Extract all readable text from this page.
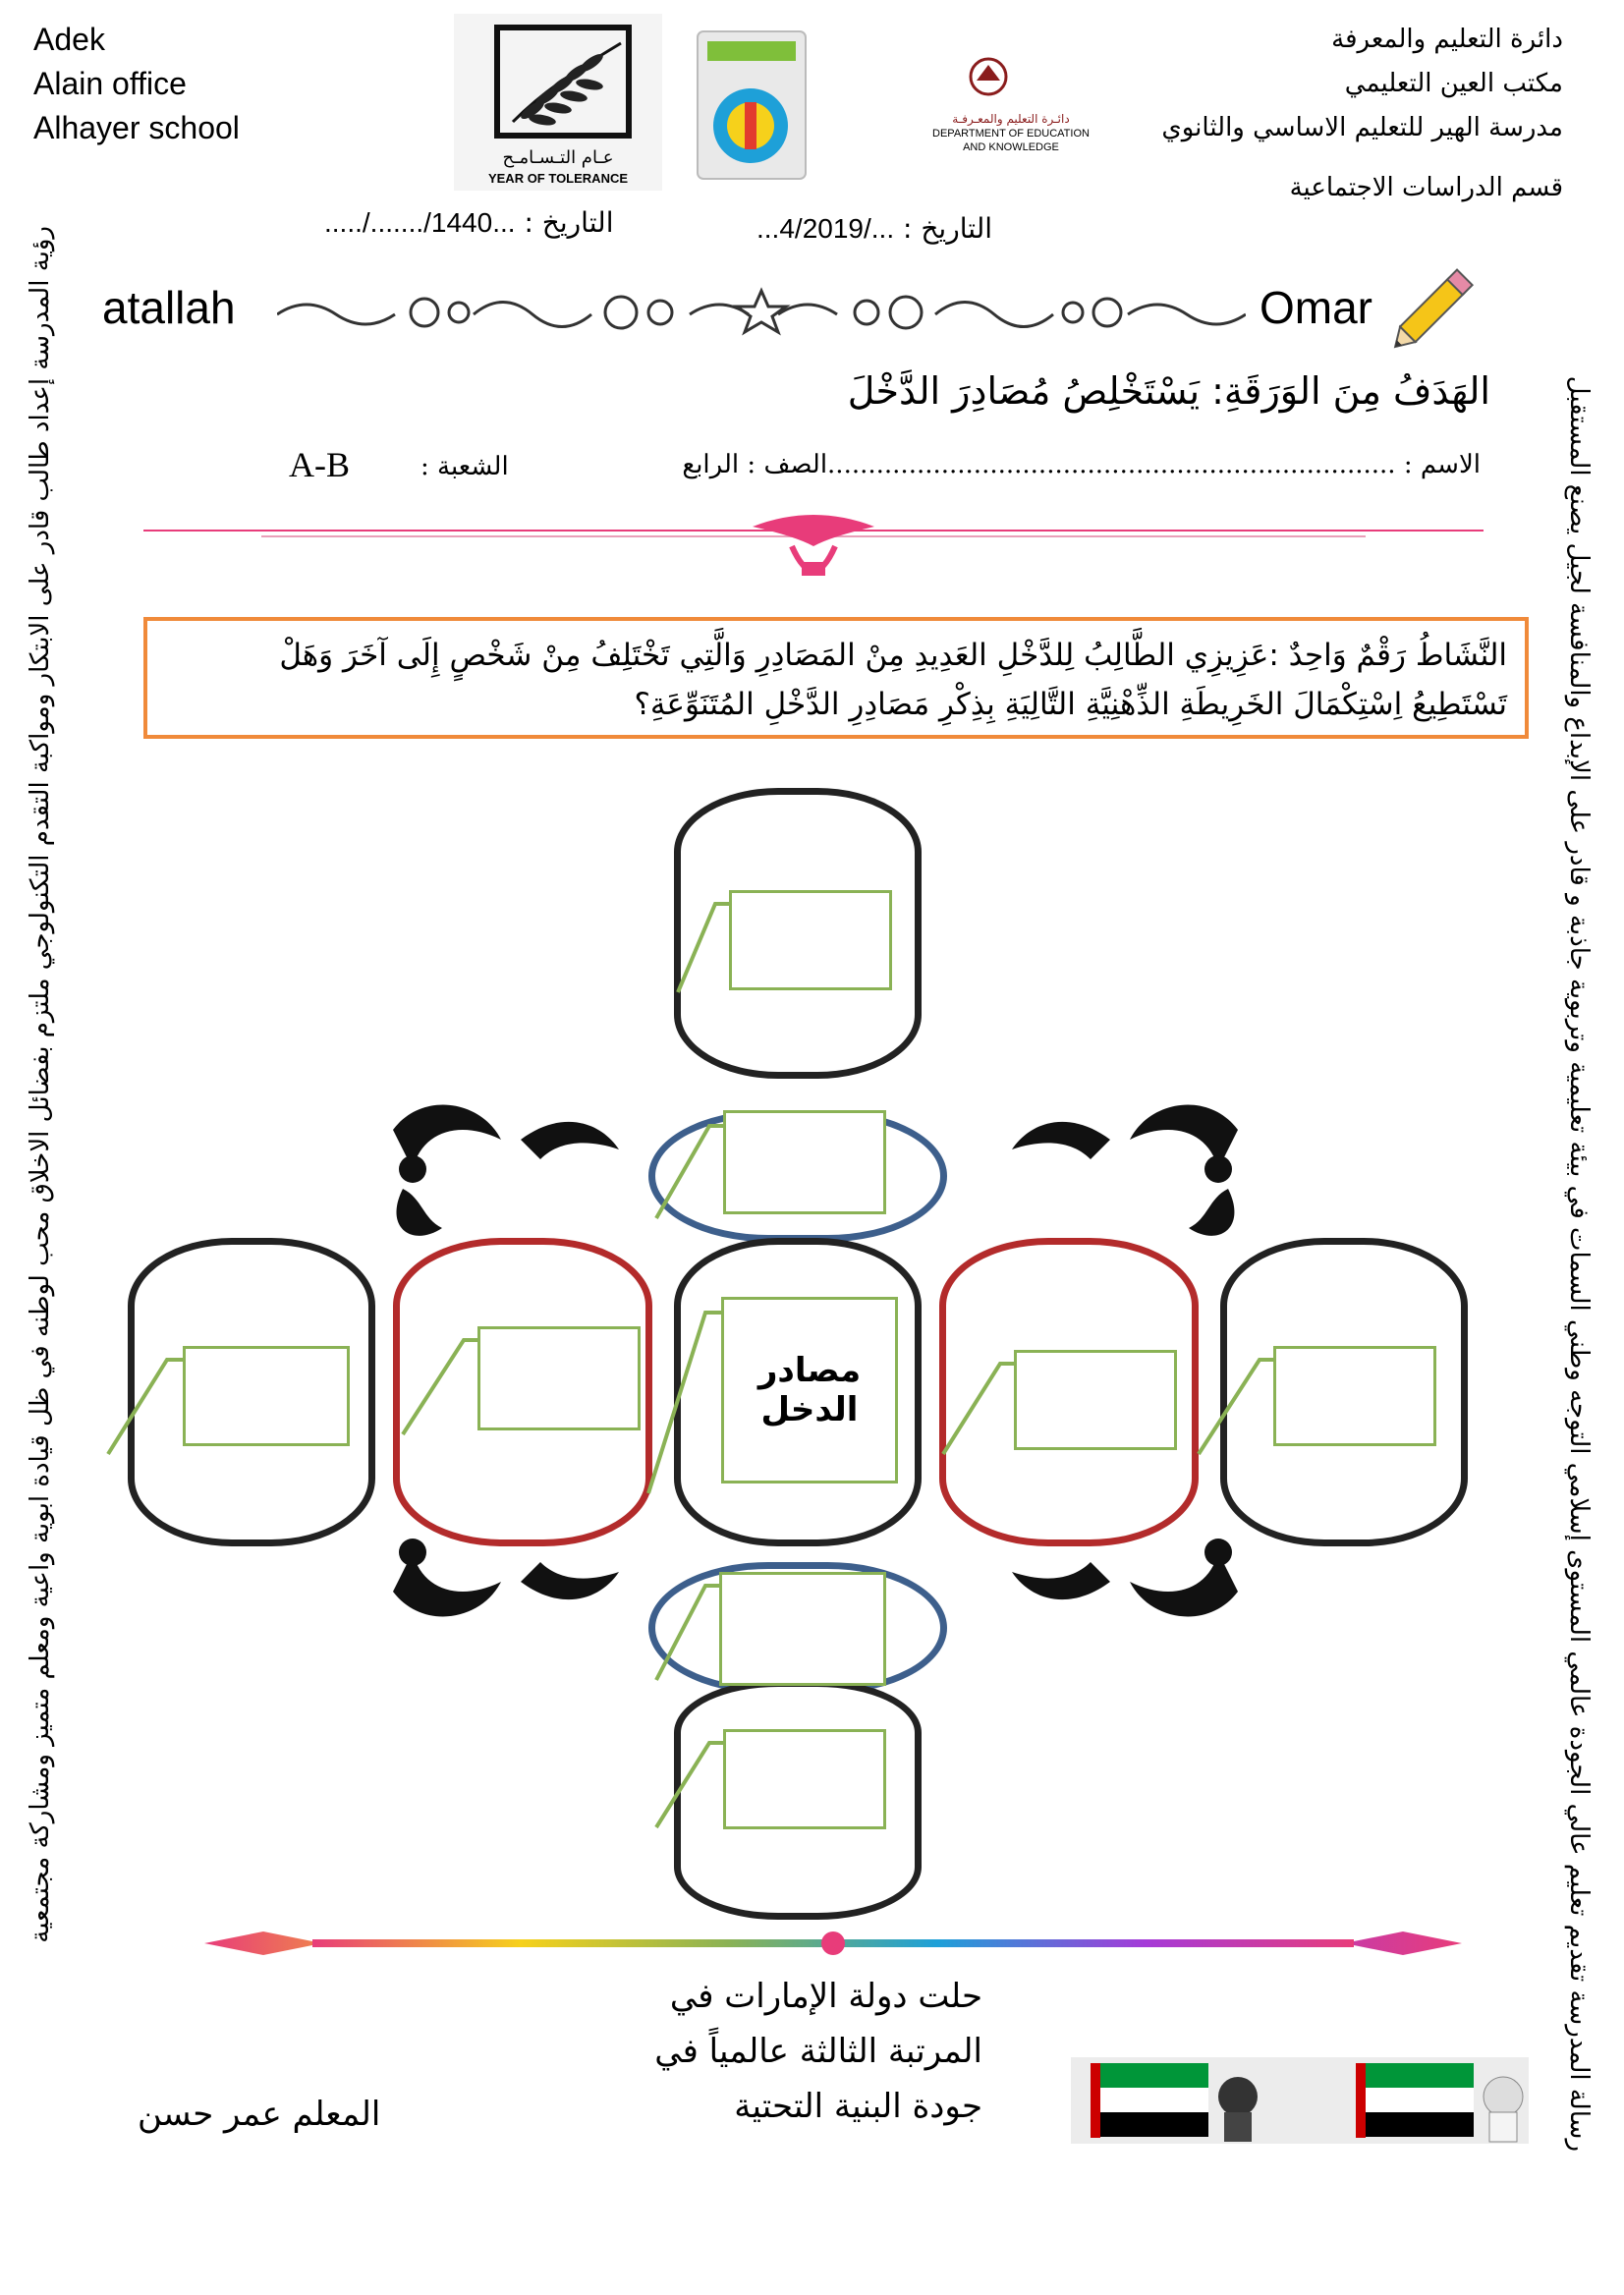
Adek
Alain office
Alhayer school
عـام التـسـامـح
YEAR OF TOLERANCE
دائـرة التعليم والمعـرفـة
DEPARTMENT OF EDUCATION
AND KNOWLEDGE
دائرة التعليم والمعرفة
مكتب العين التعليمي
مدرسة الهير للتعليم الاساسي والثانوي
قسم الدراسات الاجتماعية
التاريخ : ...../......./1440...	التاريخ : ...4/2019/...
atallah	Omar
الهَدَفُ مِنَ الوَرَقَةِ: يَسْتَخْلِصُ مُصَادِرَ الدَّخْلَ
الاسم : ......................................................................الصف : الرابع
الشعبة :
A-B
النَّشَاطُ رَقْمٌ وَاحِدٌ :عَزِيزِي الطَّالِبُ لِلدَّخْلِ العَدِيدِ مِنْ المَصَادِرِ وَالَّتِي تَخْتَلِفُ مِنْ شَخْصٍ إِلَى آخَرَ وَهَلْ
تَسْتَطِيعُ اِسْتِكْمَالَ الخَرِيطَةِ الذِّهْنِيَّةِ التَّالِيَةِ بِذِكْرِ مَصَادِرِ الدَّخْلِ المُتَنَوِّعَةِ؟
مصادر
الدخل
حلت دولة الإمارات في
المرتبة الثالثة عالمياً في
جودة البنية التحتية
المعلم عمر حسن
رؤية المدرسة إعداد طالب قادر على الابتكار ومواكبة التقدم التكنولوجي ملتزم بفضائل الاخلاق محب لوطنه في ظل قيادة ابوية واعية ومعلم متميز ومشاركة مجتمعية	رسالة المدرسة تقديم تعليم عالي الجودة عالمي المستوى إسلامي التوجه وطني السمات في بيئة تعليمية وتربوية جاذبة و قادر على الإبداع والمنافسة لجيل يصنع المستقبل
